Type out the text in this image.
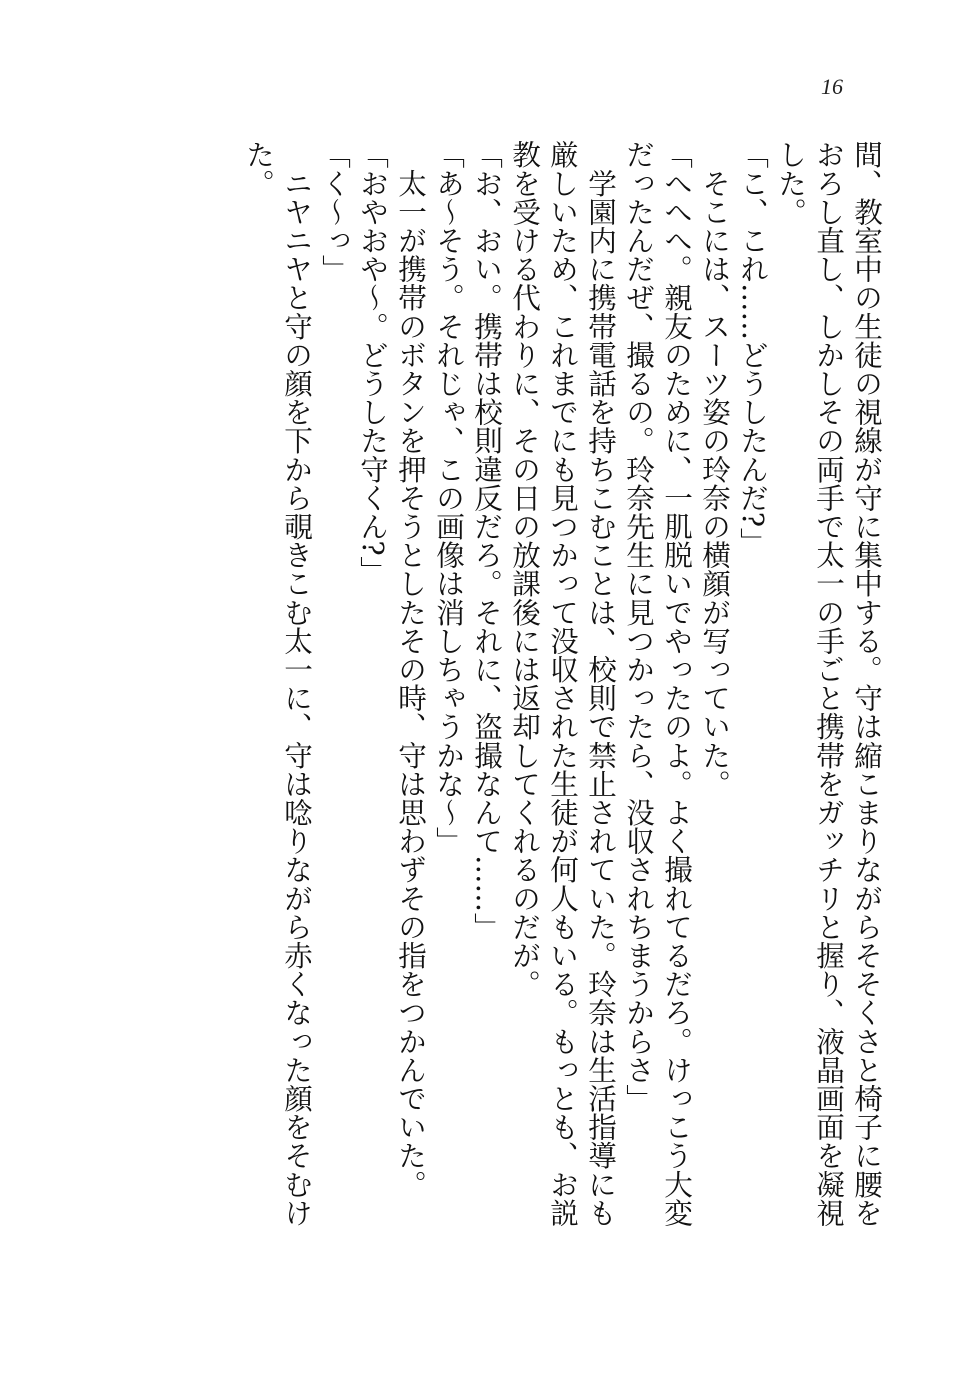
16

間、教室中の生徒の視線が守に集中する。守は縮こまりながらそそくさと椅子に腰を

おろし直し、しかしその両手で太一の手ごと携帯をガッチリと握り、液晶画面を凝視

した。

「こ、これ……どうしたんだ?」

　そこには、スーツ姿の玲奈の横顔が写っていた。

「へへへ。親友のために、一肌脱いでやったのよ。よく撮れてるだろ。けっこう大変

だったんだぜ、撮るの。玲奈先生に見つかったら、没収されちまうからさ」

　学園内に携帯電話を持ちこむことは、校則で禁止されていた。玲奈は生活指導にも

厳しいため、これまでにも見つかって没収された生徒が何人もいる。もっとも、お説

教を受ける代わりに、その日の放課後には返却してくれるのだが。

「お、おい。携帯は校則違反だろ。それに、盗撮なんて……」

「あ〜そう。それじゃ、この画像は消しちゃうかな〜」

　太一が携帯のボタンを押そうとしたその時、守は思わずその指をつかんでいた。

「おやおや〜。どうした守くん?」

「く〜っ」

　ニヤニヤと守の顔を下から覗きこむ太一に、守は唸りながら赤くなった顔をそむけ

た。
